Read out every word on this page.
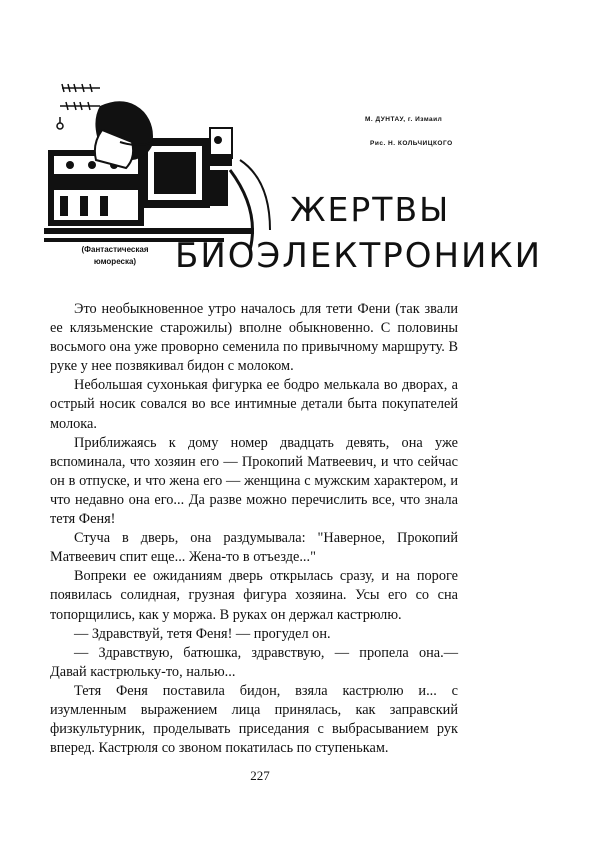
(Фантастическая
юмореска)
М. ДУНТАУ, г. Измаил
Рис. Н. КОЛЬЧИЦКОГО
ЖЕРТВЫ
БИОЭЛЕКТРОНИКИ

Это необыкновенное утро началось для тети Фени (так звали ее клязьменские старожилы) вполне обыкновенно. С половины восьмого она уже проворно семенила по привычному маршруту. В руке у нее позвякивал бидон с молоком.

Небольшая сухонькая фигурка ее бодро мелькала во дворах, а острый носик совался во все интимные детали быта покупателей молока.

Приближаясь к дому номер двадцать девять, она уже вспоминала, что хозяин его — Прокопий Матвеевич, и что сейчас он в отпуске, и что жена его — женщина с мужским характером, и что недавно она его... Да разве можно перечислить все, что знала тетя Феня!

Стуча в дверь, она раздумывала: "Наверное, Прокопий Матвеевич спит еще... Жена-то в отъезде..."

Вопреки ее ожиданиям дверь открылась сразу, и на пороге появилась солидная, грузная фигура хозяина. Усы его со сна топорщились, как у моржа. В руках он держал кастрюлю.

— Здравствуй, тетя Феня! — прогудел он.

— Здравствую, батюшка, здравствую, — пропела она.— Давай кастрюльку-то, налью...

Тетя Феня поставила бидон, взяла кастрюлю и... с изумленным выражением лица принялась, как заправский физкультурник, проделывать приседания с выбрасыванием рук вперед. Кастрюля со звоном покатилась по ступенькам.

227
